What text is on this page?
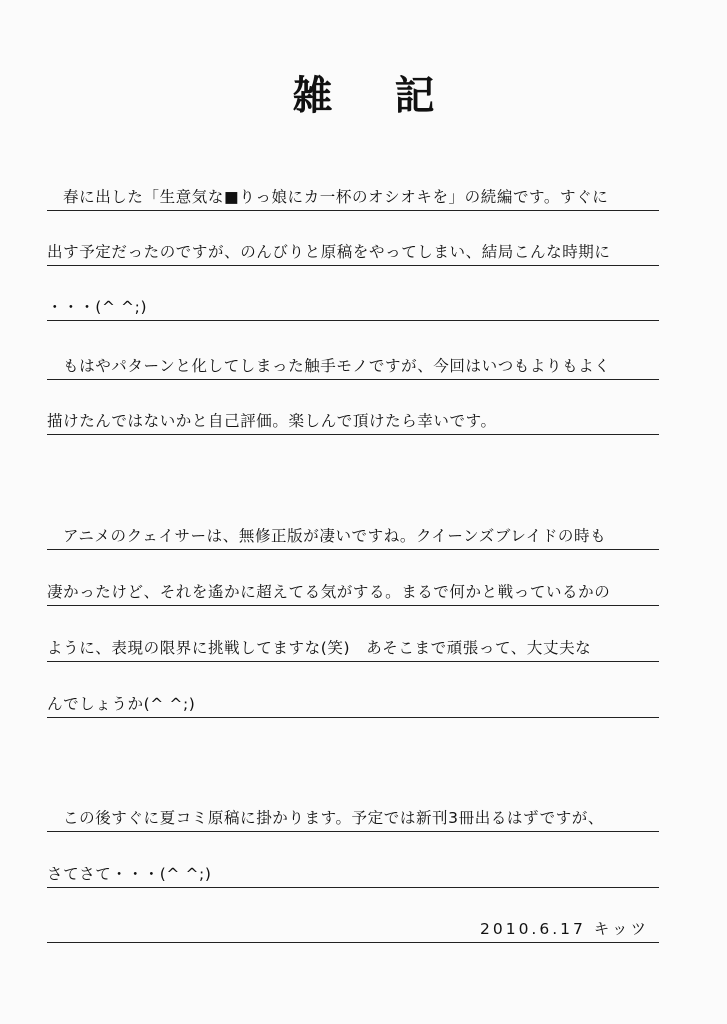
雑記
春に出した「生意気な■りっ娘にカ一杯のオシオキを」の続編です。すぐに
出す予定だったのですが、のんびりと原稿をやってしまい、結局こんな時期に
・・・(^ ^;)
もはやパターンと化してしまった触手モノですが、今回はいつもよりもよく
描けたんではないかと自己評価。楽しんで頂けたら幸いです。
アニメのクェイサーは、無修正版が凄いですね。クイーンズブレイドの時も
凄かったけど、それを遙かに超えてる気がする。まるで何かと戦っているかの
ように、表現の限界に挑戦してますな(笑)　あそこまで頑張って、大丈夫な
んでしょうか(^ ^;)
この後すぐに夏コミ原稿に掛かります。予定では新刊3冊出るはずですが、
さてさて・・・(^ ^;)
2010.6.17 キッツ
